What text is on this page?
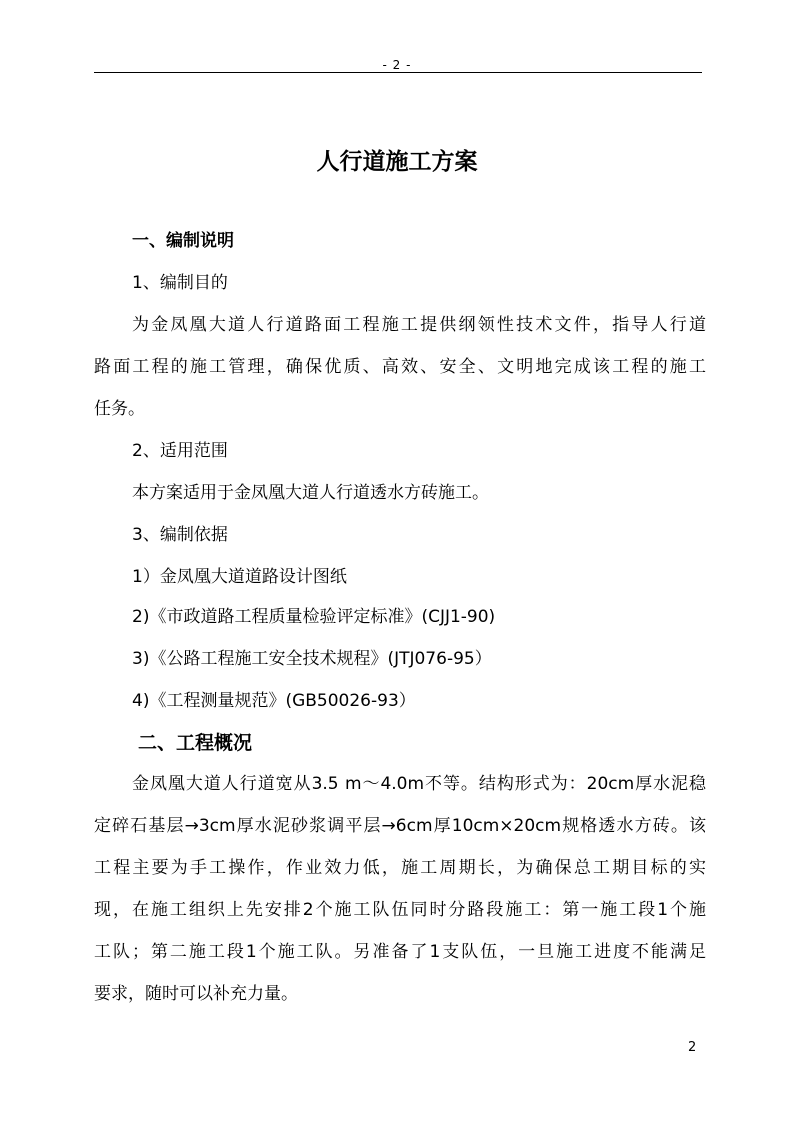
- 2 -
人行道施工方案
一、编制说明
1、编制目的
为金凤凰大道人行道路面工程施工提供纲领性技术文件，指导人行道
路面工程的施工管理，确保优质、高效、安全、文明地完成该工程的施工
任务。
2、适用范围
本方案适用于金凤凰大道人行道透水方砖施工。
3、编制依据
1）金凤凰大道道路设计图纸
2)《市政道路工程质量检验评定标准》(CJJ1-90)
3)《公路工程施工安全技术规程》(JTJ076-95）
4)《工程测量规范》(GB50026-93）
二、工程概况
金凤凰大道人行道宽从3.5 m～4.0m不等。结构形式为：20cm厚水泥稳
定碎石基层→3cm厚水泥砂浆调平层→6cm厚10cm×20cm规格透水方砖。该
工程主要为手工操作，作业效力低，施工周期长，为确保总工期目标的实
现，在施工组织上先安排2个施工队伍同时分路段施工：第一施工段1个施
工队；第二施工段1个施工队。另准备了1支队伍，一旦施工进度不能满足
要求，随时可以补充力量。
2
